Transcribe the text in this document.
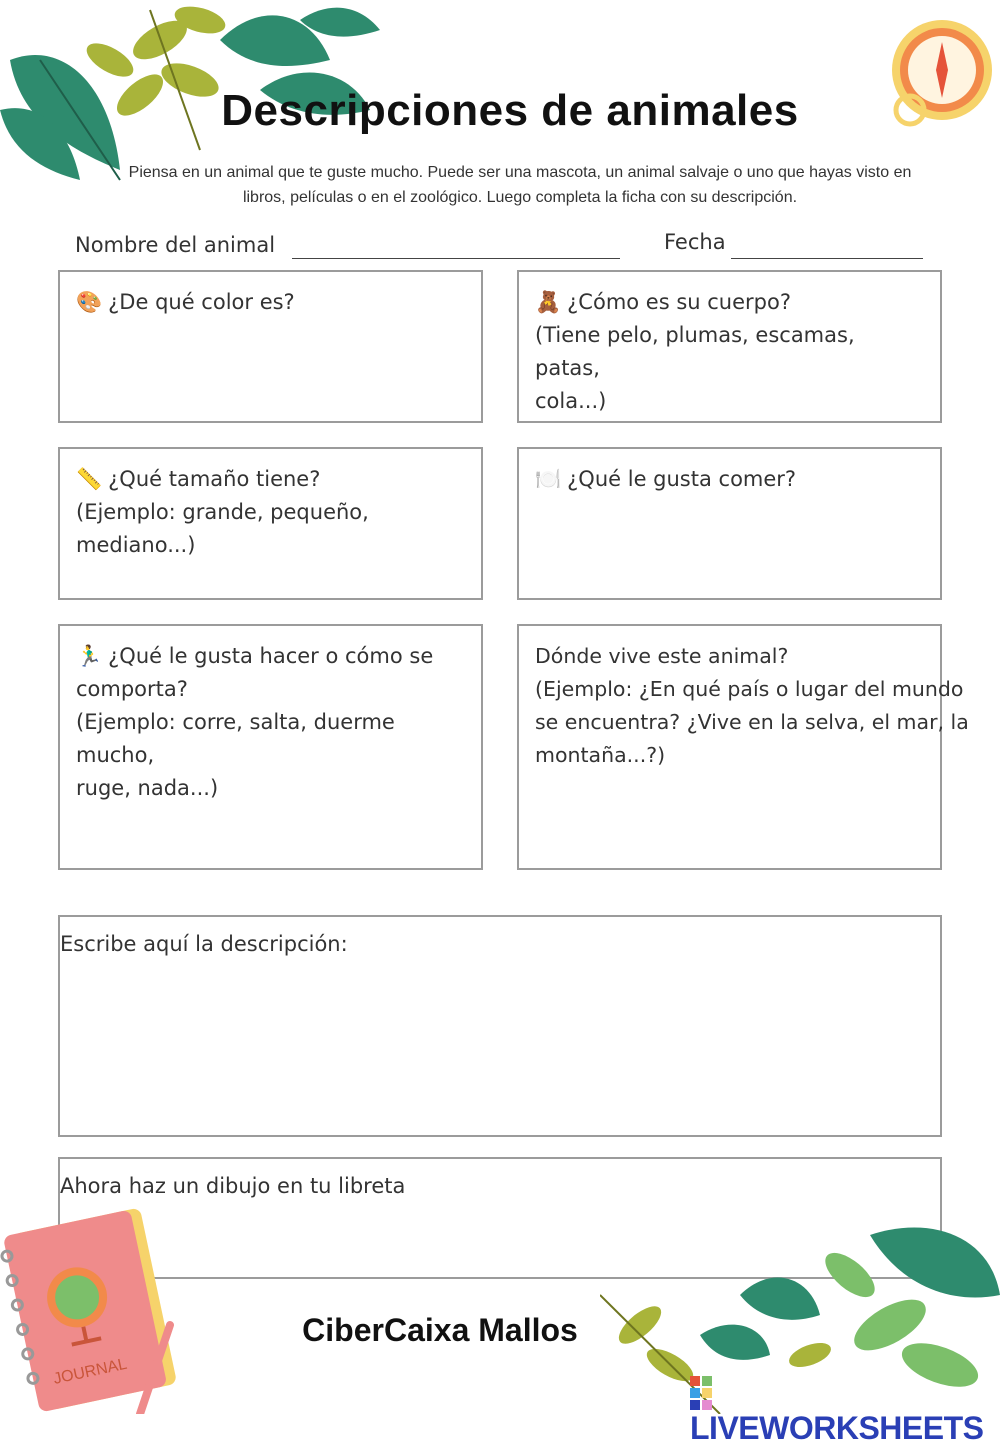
Descripciones de animales
Piensa en un animal que te guste mucho. Puede ser una mascota, un animal salvaje o uno que hayas visto en libros, películas o en el zoológico. Luego completa la ficha con su descripción.
Nombre del animal	Fecha
🎨 ¿De qué color es?	🧸 ¿Cómo es su cuerpo?
(Tiene pelo, plumas, escamas, patas,
cola...)
📏 ¿Qué tamaño tiene?
(Ejemplo: grande, pequeño, mediano...)
🍽️ ¿Qué le gusta comer?
🏃‍♂️ ¿Qué le gusta hacer o cómo se
comporta?
(Ejemplo: corre, salta, duerme mucho,
ruge, nada...)
Dónde vive este animal?
(Ejemplo: ¿En qué país o lugar del mundo
se encuentra? ¿Vive en la selva, el mar, la
montaña...?)
Escribe aquí la descripción:
Ahora haz un dibujo en tu libreta
JOURNAL
CiberCaixa Mallos
LIVEWORKSHEETS
